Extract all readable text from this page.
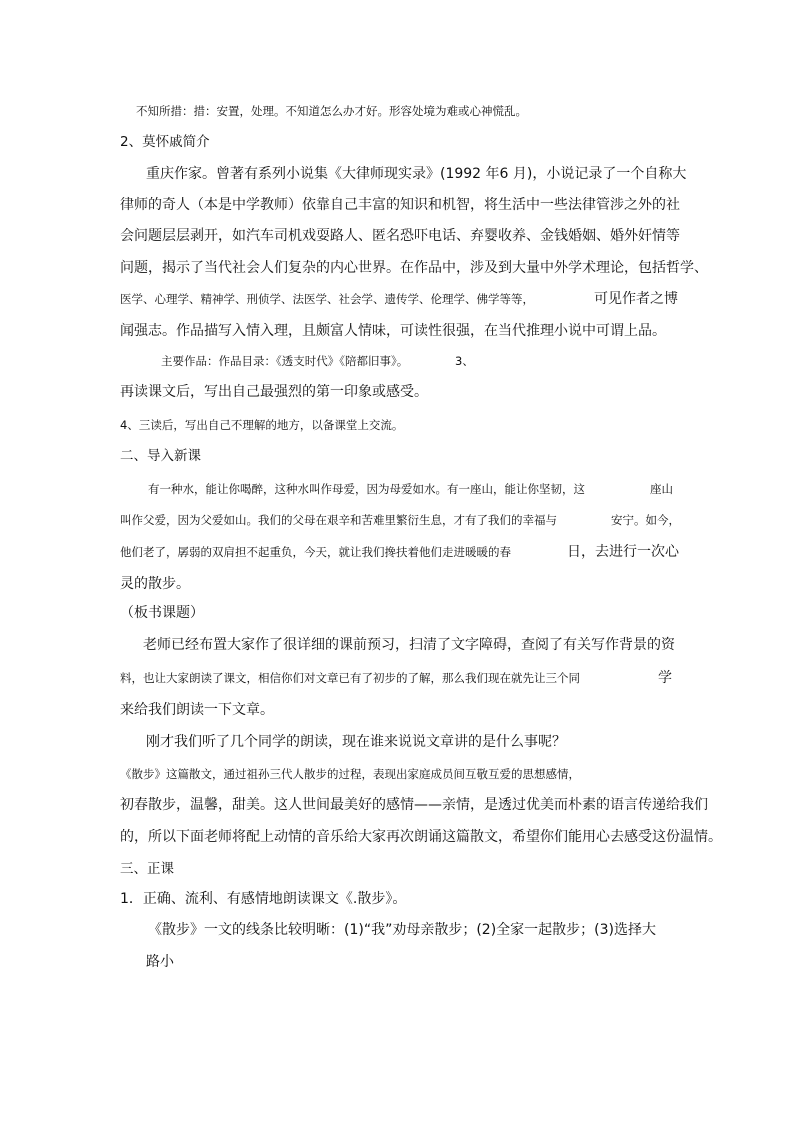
不知所措：措：安置，处理。不知道怎么办才好。形容处境为难或心神慌乱。
2、莫怀戚简介
重庆作家。曾著有系列小说集《大律师现实录》(1992 年6 月)，小说记录了一个自称大
律师的奇人（本是中学教师）依靠自己丰富的知识和机智，将生活中一些法律管涉之外的社
会问题层层剥开，如汽车司机戏耍路人、匿名恐吓电话、弃婴收养、金钱婚姻、婚外奸情等
问题，揭示了当代社会人们复杂的内心世界。在作品中，涉及到大量中外学术理论，包括哲学、
医学、心理学、精神学、刑侦学、法医学、社会学、遗传学、伦理学、佛学等等，	可见作者之博
闻强志。作品描写入情入理，且颇富人情味，可读性很强，在当代推理小说中可谓上品。
主要作品：作品目录：《透支时代》《陪都旧事》。	3、
再读课文后，写出自己最强烈的第一印象或感受。
4、三读后，写出自己不理解的地方，以备课堂上交流。
二、导入新课
有一种水，能让你喝醉，这种水叫作母爱，因为母爱如水。有一座山，能让你坚韧，这	座山
叫作父爱，因为父爱如山。我们的父母在艰辛和苦难里繁衍生息，才有了我们的幸福与	安宁。如今，
他们老了，孱弱的双肩担不起重负，今天，就让我们搀扶着他们走进暖暖的春	日，去进行一次心
灵的散步。
（板书课题）
老师已经布置大家作了很详细的课前预习，扫清了文字障碍，查阅了有关写作背景的资
料，也让大家朗读了课文，相信你们对文章已有了初步的了解，那么我们现在就先让三个同	学
来给我们朗读一下文章。
刚才我们听了几个同学的朗读，现在谁来说说文章讲的是什么事呢？
《散步》这篇散文，通过祖孙三代人散步的过程，表现出家庭成员间互敬互爱的思想感情，
初春散步，温馨，甜美。这人世间最美好的感情——亲情，是透过优美而朴素的语言传递给我们
的，所以下面老师将配上动情的音乐给大家再次朗诵这篇散文，希望你们能用心去感受这份温情。
三、正课
1．正确、流利、有感情地朗读课文《.散步》。
《散步》一文的线条比较明晰：(1)“我”劝母亲散步；(2)全家一起散步；(3)选择大
路小
